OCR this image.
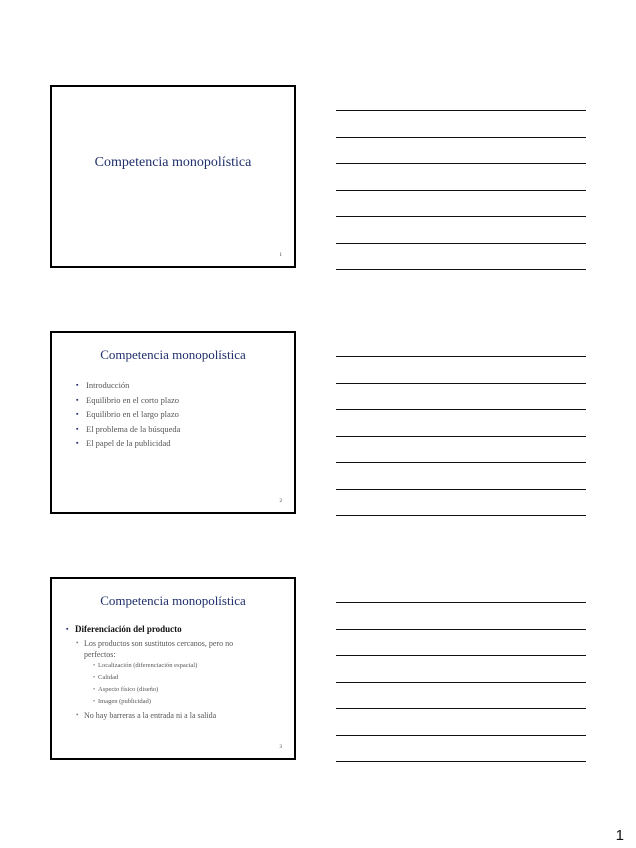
Competencia monopolística
1
Competencia monopolística
▪ Introducción
▪ Equilibrio en el corto plazo
▪ Equilibrio en el largo plazo
▪ El problema de la búsqueda
▪ El papel de la publicidad
2
Competencia monopolística
▪ Diferenciación del producto
• Los productos son sustitutos cercanos, pero no
perfectos:
• Localización (diferenciación espacial)
• Calidad
• Aspecto físico (diseño)
• Imagen (publicidad)
• No hay barreras a la entrada ni a la salida
3
1
